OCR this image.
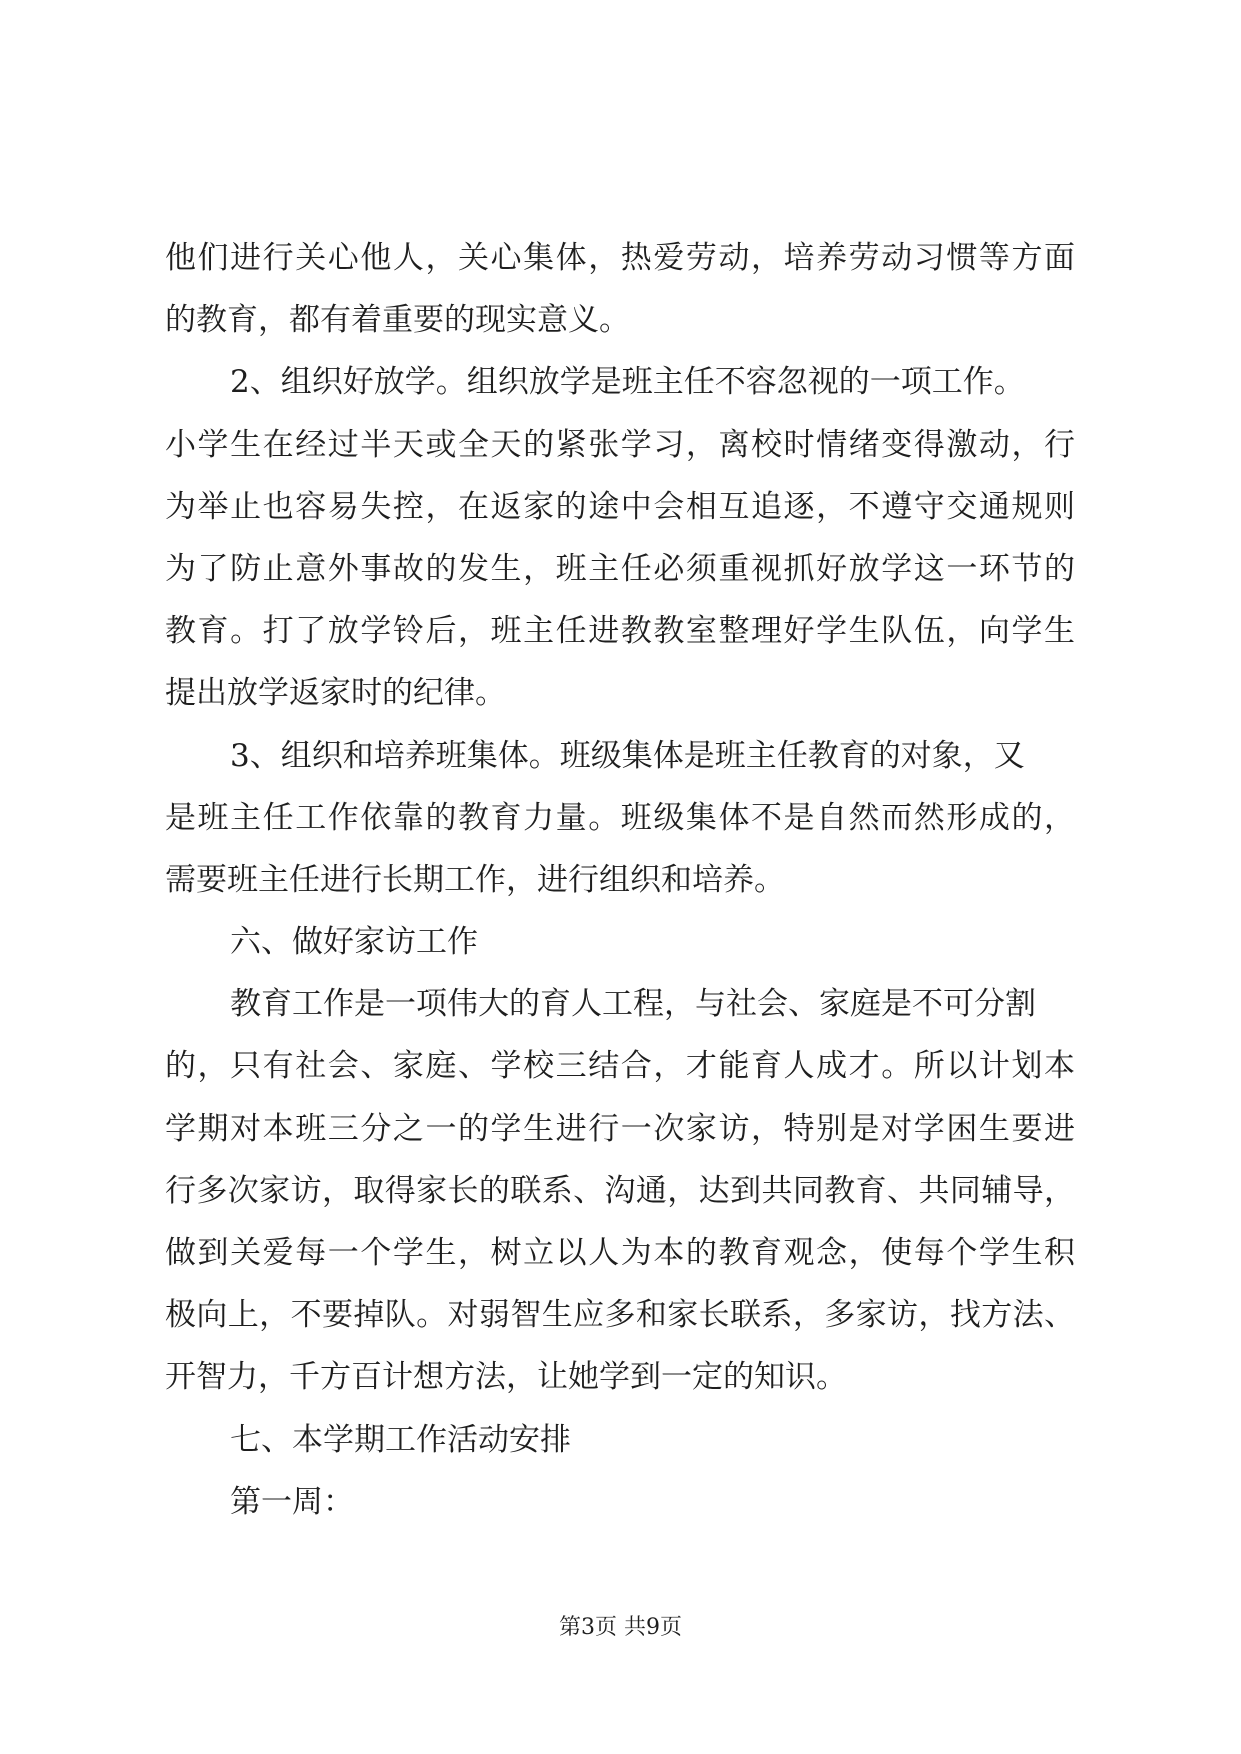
他们进行关心他人，关心集体，热爱劳动，培养劳动习惯等方面
的教育，都有着重要的现实意义。
2、组织好放学。组织放学是班主任不容忽视的一项工作。
小学生在经过半天或全天的紧张学习，离校时情绪变得激动，行
为举止也容易失控，在返家的途中会相互追逐，不遵守交通规则
为了防止意外事故的发生，班主任必须重视抓好放学这一环节的
教育。打了放学铃后，班主任进教教室整理好学生队伍，向学生
提出放学返家时的纪律。
3、组织和培养班集体。班级集体是班主任教育的对象，又
是班主任工作依靠的教育力量。班级集体不是自然而然形成的，
需要班主任进行长期工作，进行组织和培养。
六、做好家访工作
教育工作是一项伟大的育人工程，与社会、家庭是不可分割
的，只有社会、家庭、学校三结合，才能育人成才。所以计划本
学期对本班三分之一的学生进行一次家访，特别是对学困生要进
行多次家访，取得家长的联系、沟通，达到共同教育、共同辅导，
做到关爱每一个学生，树立以人为本的教育观念，使每个学生积
极向上，不要掉队。对弱智生应多和家长联系，多家访，找方法、
开智力，千方百计想方法，让她学到一定的知识。
七、本学期工作活动安排
第一周：
第3页 共9页
